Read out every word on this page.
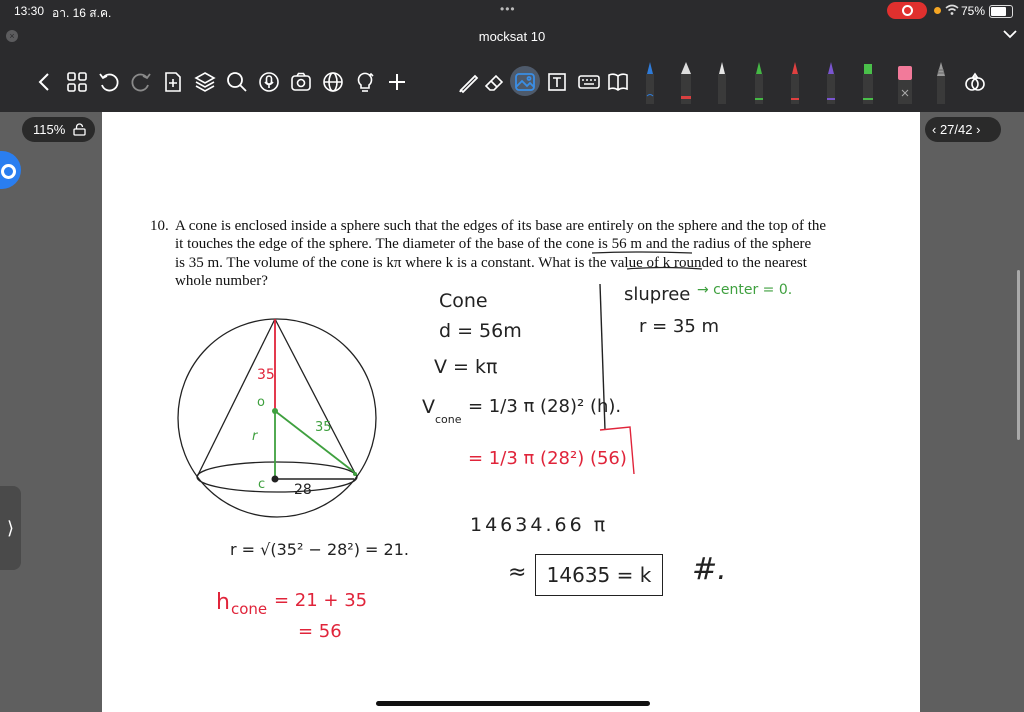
13:30 อา. 16 ส.ค.	•••	75%
×	mocksat 10
115%	‹ 27/42 ›
⟩
10. A cone is enclosed inside a sphere such that the edges of its base are entirely on the sphere and the top of the
it touches the edge of the sphere. The diameter of the base of the cone is 56 m and the radius of the sphere
is 35 m. The volume of the cone is kπ where k is a constant. What is the value of k rounded to the nearest
whole number?
35
o
r
35
c 28
Cone
d = 56m
V = kπ
V
cone
= 1/3 π (28)² (h).
= 1/3 π (28²) (56)
14634.66 π
≈	14635 = k	#.
slupree → center = 0.
r = 35 m
r = √(35² − 28²) = 21.
h cone = 21 + 35
= 56
